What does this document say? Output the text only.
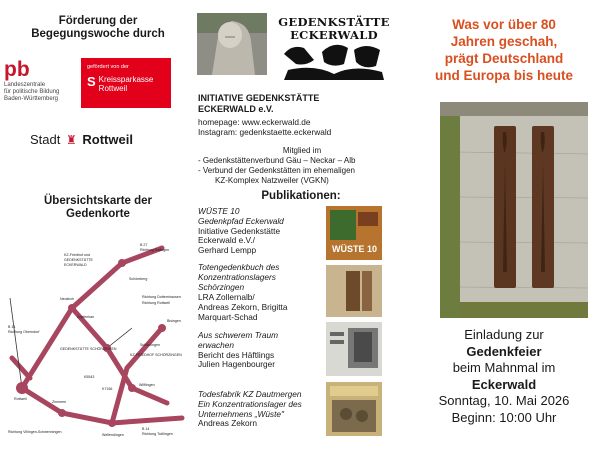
Förderung der
Begegungswoche durch
pb
Landeszentrale
für politische Bildung
Baden-Württemberg
gefördert von der
S Kreissparkasse
Rottweil
Stadt ♜ Rottweil
Übersichtskarte der
Gedenkorte
B 27
Richtung Balingen
KZ-Friedhof und
GEDENKSTÄTTE
ECKERWALD
Schömberg
Richtung Dotternhausen
Richtung Rottweil
B 14
Richtung Oberndorf
Zepfenhan
Neukirch
Schörzingen
Wellendingen
Zimmern
Wilflingen
Bisingen
GEDENKSTÄTTE SCHÖRZINGEN
KZ-FRIEDHOF SCHÖRZINGEN
K5543
K7156
Richtung Villingen-Schwenningen
B 14
Richtung Tuttlingen
Rottweil
GEDENKSTÄTTE
ECKERWALD
INITIATIVE GEDENKSTÄTTE
ECKERWALD e.V.
homepage: www.eckerwald.de
Instagram: gedenkstaette.eckerwald
Mitglied im
- Gedenkstättenverbund Gäu – Neckar – Alb
- Verbund der Gedenkstätten im ehemaligen
KZ-Komplex Natzweiler (VGKN)
Publikationen:
WÜSTE 10
Gedenkpfad Eckerwald
Initiative Gedenkstätte
Eckerwald e.V./
Gerhard Lempp	WÜSTE 10
Totengedenkbuch des
Konzentrationslagers
Schörzingen
LRA Zollernalb/
Andreas Zekorn, Brigitta
Marquart-Schad
Aus schwerem Traum
erwachen
Bericht des Häftlings
Julien Hagenbourger
Todesfabrik KZ Dautmergen
Ein Konzentrationslager des
Unternehmens „Wüste"
Andreas Zekorn
Was vor über 80
Jahren geschah,
prägt Deutschland
und Europa bis heute
Einladung zur
Gedenkfeier
beim Mahnmal im
Eckerwald
Sonntag, 10. Mai 2026
Beginn: 10:00 Uhr
